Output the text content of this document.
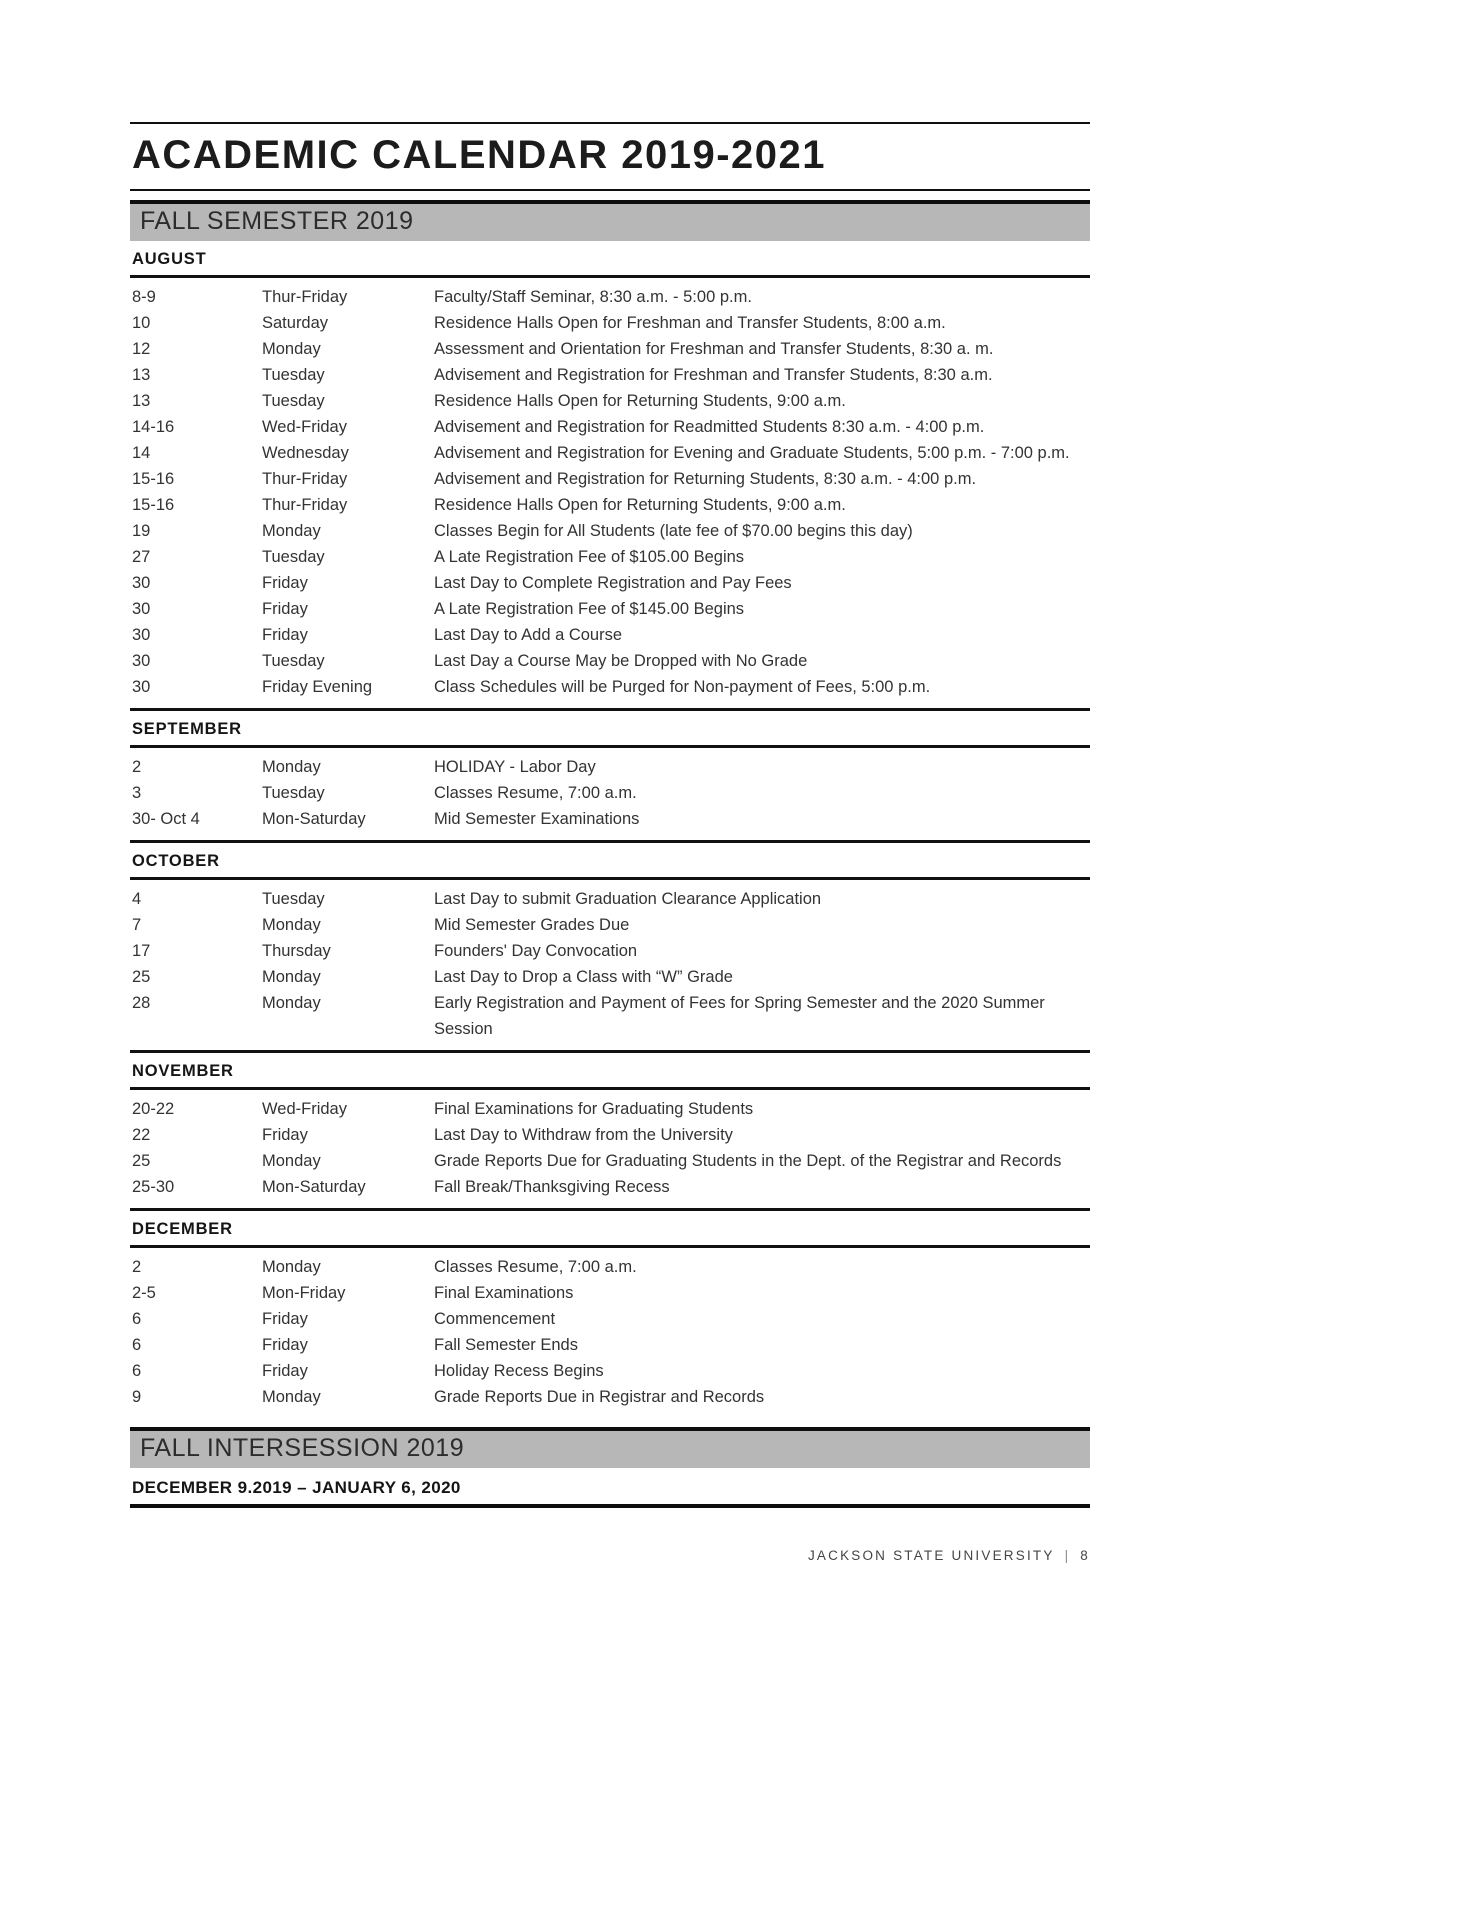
ACADEMIC CALENDAR 2019-2021
FALL SEMESTER 2019
AUGUST
8-9	Thur-Friday	Faculty/Staff Seminar, 8:30 a.m. - 5:00 p.m.
10	Saturday	Residence Halls Open for Freshman and Transfer Students, 8:00 a.m.
12	Monday	Assessment and Orientation for Freshman and Transfer Students, 8:30 a. m.
13	Tuesday	Advisement and Registration for Freshman and Transfer Students, 8:30 a.m.
13	Tuesday	Residence Halls Open for Returning Students, 9:00 a.m.
14-16	Wed-Friday	Advisement and Registration for Readmitted Students 8:30 a.m. - 4:00 p.m.
14	Wednesday	Advisement and Registration for Evening and Graduate Students, 5:00 p.m. - 7:00 p.m.
15-16	Thur-Friday	Advisement and Registration for Returning Students, 8:30 a.m. - 4:00 p.m.
15-16	Thur-Friday	Residence Halls Open for Returning Students, 9:00 a.m.
19	Monday	Classes Begin for All Students (late fee of $70.00 begins this day)
27	Tuesday	A Late Registration Fee of $105.00 Begins
30	Friday	Last Day to Complete Registration and Pay Fees
30	Friday	A Late Registration Fee of $145.00 Begins
30	Friday	Last Day to Add a Course
30	Tuesday	Last Day a Course May be Dropped with No Grade
30	Friday Evening	Class Schedules will be Purged for Non-payment of Fees, 5:00 p.m.
SEPTEMBER
2	Monday	HOLIDAY - Labor Day
3	Tuesday	Classes Resume, 7:00 a.m.
30- Oct 4	Mon-Saturday	Mid Semester Examinations
OCTOBER
4	Tuesday	Last Day to submit Graduation Clearance Application
7	Monday	Mid Semester Grades Due
17	Thursday	Founders' Day Convocation
25	Monday	Last Day to Drop a Class with “W” Grade
28	Monday	Early Registration and Payment of Fees for Spring Semester and the 2020 Summer Session
NOVEMBER
20-22	Wed-Friday	Final Examinations for Graduating Students
22	Friday	Last Day to Withdraw from the University
25	Monday	Grade Reports Due for Graduating Students in the Dept. of the Registrar and Records
25-30	Mon-Saturday	Fall Break/Thanksgiving Recess
DECEMBER
2	Monday	Classes Resume, 7:00 a.m.
2-5	Mon-Friday	Final Examinations
6	Friday	Commencement
6	Friday	Fall Semester Ends
6	Friday	Holiday Recess Begins
9	Monday	Grade Reports Due in Registrar and Records
FALL INTERSESSION 2019
DECEMBER 9.2019 – JANUARY 6, 2020
JACKSON STATE UNIVERSITY | 8
